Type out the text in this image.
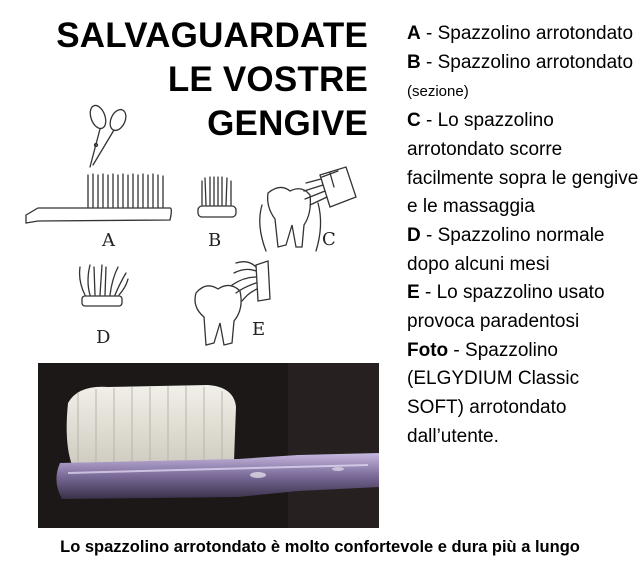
SALVAGUARDATE
LE VOSTRE
GENGIVE
A - Spazzolino arrotondato
B - Spazzolino arrotondato (sezione)
C - Lo spazzolino arrotondato scorre facilmente sopra le gengive e le massaggia
D - Spazzolino normale dopo alcuni mesi
E - Lo spazzolino usato provoca paradentosi
Foto - Spazzolino (ELGYDIUM Classic SOFT) arrotondato dall’utente.
A	B	C
D	E
Lo spazzolino arrotondato è molto confortevole e dura più a lungo
